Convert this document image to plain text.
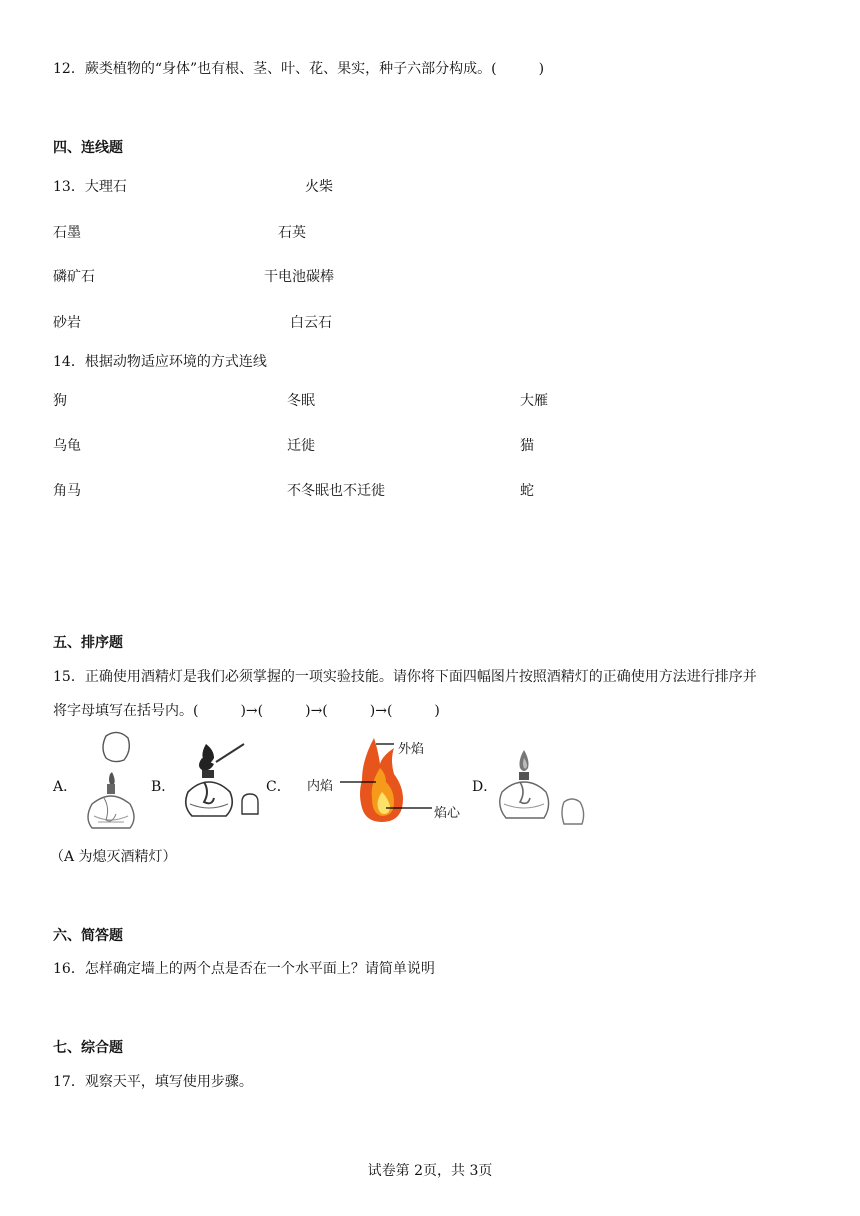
12．蕨类植物的“身体”也有根、茎、叶、花、果实，种子六部分构成。(　　　)
四、连线题
13．大理石	火柴
石墨	石英
磷矿石	干电池碳棒
砂岩	白云石
14．根据动物适应环境的方式连线
狗	冬眠	大雁
乌龟	迁徙	猫
角马	不冬眠也不迁徙	蛇
五、排序题
15．正确使用酒精灯是我们必须掌握的一项实验技能。请你将下面四幅图片按照酒精灯的正确使用方法进行排序并
将字母填写在括号内。(　　　)→(　　　)→(　　　)→(　　　)
A．	B．	C．	D．
外焰
内焰
焰心
（A 为熄灭酒精灯）
六、简答题
16．怎样确定墙上的两个点是否在一个水平面上？请简单说明
七、综合题
17．观察天平，填写使用步骤。
试卷第 2页，共 3页
